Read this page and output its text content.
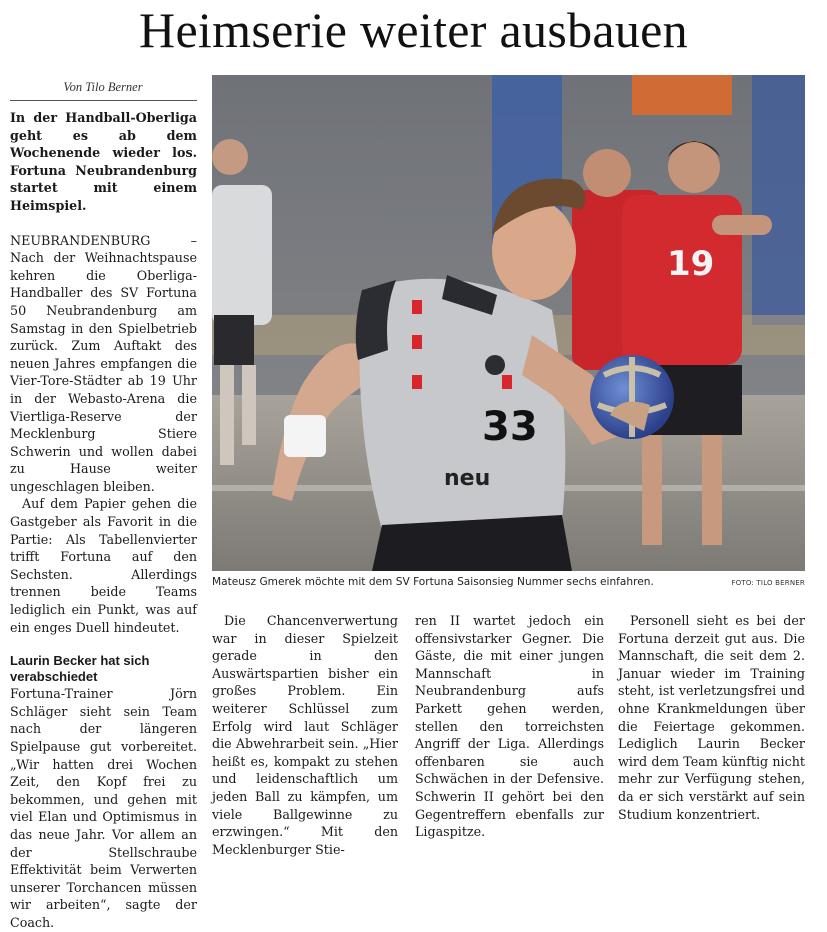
Heimserie weiter ausbauen
Von Tilo Berner

In der Handball-Oberliga geht es ab dem Wochenende wieder los. Fortuna Neubrandenburg startet mit einem Heimspiel.

NEUBRANDENBURG – Nach der Weihnachtspause kehren die Oberliga-Handballer des SV Fortuna 50 Neubrandenburg am Samstag in den Spielbetrieb zurück. Zum Auftakt des neuen Jahres empfangen die Vier-Tore-Städter ab 19 Uhr in der Webasto-Arena die Viertliga-Reserve der Mecklenburg Stiere Schwerin und wollen dabei zu Hause weiter ungeschlagen bleiben.

Auf dem Papier gehen die Gastgeber als Favorit in die Partie: Als Tabellenvierter trifft Fortuna auf den Sechsten. Allerdings trennen beide Teams lediglich ein Punkt, was auf ein enges Duell hindeutet.

Laurin Becker hat sich verabschiedet

Fortuna-Trainer Jörn Schläger sieht sein Team nach der längeren Spielpause gut vorbereitet. „Wir hatten drei Wochen Zeit, den Kopf frei zu bekommen, und gehen mit viel Elan und Optimismus in das neue Jahr. Vor allem an der Stellschraube Effektivität beim Verwerten unserer Torchancen müssen wir arbeiten“, sagte der Coach.

19
33
neu
Mateusz Gmerek möchte mit dem SV Fortuna Saisonsieg Nummer sechs einfahren.	FOTO: TILO BERNER

Die Chancenverwertung war in dieser Spielzeit gerade in den Auswärtspartien bisher ein großes Problem. Ein weiterer Schlüssel zum Erfolg wird laut Schläger die Abwehrarbeit sein. „Hier heißt es, kompakt zu stehen und leidenschaftlich um jeden Ball zu kämpfen, um viele Ballgewinne zu erzwingen.“ Mit den Mecklenburger Stie-

ren II wartet jedoch ein offensivstarker Gegner. Die Gäste, die mit einer jungen Mannschaft in Neubrandenburg aufs Parkett gehen werden, stellen den torreichsten Angriff der Liga. Allerdings offenbaren sie auch Schwächen in der Defensive. Schwerin II gehört bei den Gegentreffern ebenfalls zur Ligaspitze.

Personell sieht es bei der Fortuna derzeit gut aus. Die Mannschaft, die seit dem 2. Januar wieder im Training steht, ist verletzungsfrei und ohne Krankmeldungen über die Feiertage gekommen. Lediglich Laurin Becker wird dem Team künftig nicht mehr zur Verfügung stehen, da er sich verstärkt auf sein Studium konzentriert.
